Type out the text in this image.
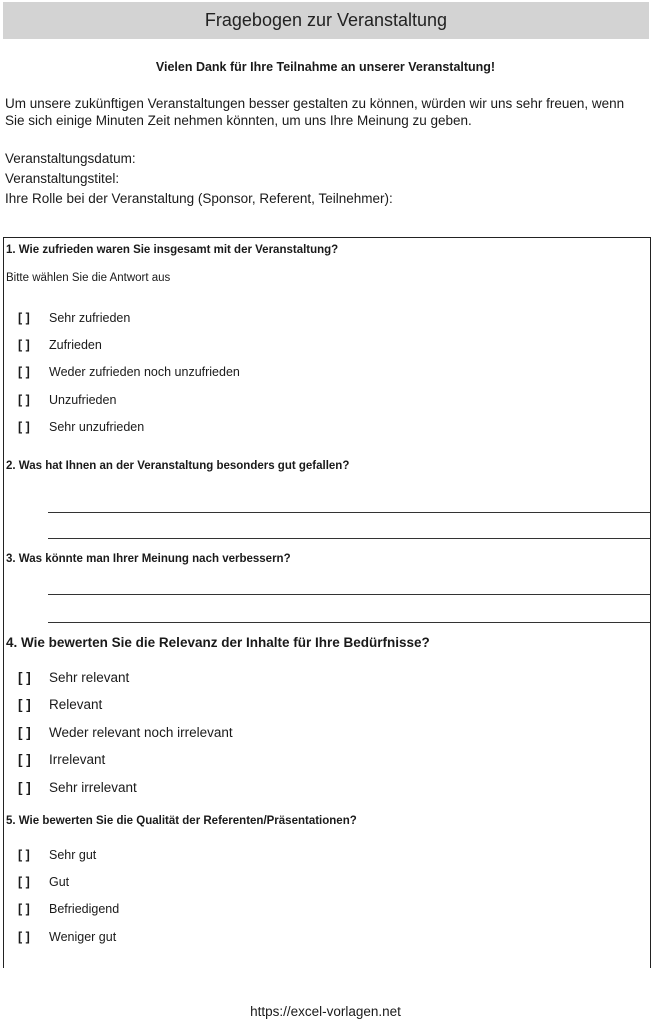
Fragebogen zur Veranstaltung
Vielen Dank für Ihre Teilnahme an unserer Veranstaltung!
Um unsere zukünftigen Veranstaltungen besser gestalten zu können, würden wir uns sehr freuen, wenn Sie sich einige Minuten Zeit nehmen könnten, um uns Ihre Meinung zu geben.
Veranstaltungsdatum:
Veranstaltungstitel:
Ihre Rolle bei der Veranstaltung (Sponsor, Referent, Teilnehmer):
1. Wie zufrieden waren Sie insgesamt mit der Veranstaltung?
Bitte wählen Sie die Antwort aus
[ ]	Sehr zufrieden
[ ]	Zufrieden
[ ]	Weder zufrieden noch unzufrieden
[ ]	Unzufrieden
[ ]	Sehr unzufrieden
2. Was hat Ihnen an der Veranstaltung besonders gut gefallen?
3. Was könnte man Ihrer Meinung nach verbessern?
4. Wie bewerten Sie die Relevanz der Inhalte für Ihre Bedürfnisse?
[ ]	Sehr relevant
[ ]	Relevant
[ ]	Weder relevant noch irrelevant
[ ]	Irrelevant
[ ]	Sehr irrelevant
5. Wie bewerten Sie die Qualität der Referenten/Präsentationen?
[ ]	Sehr gut
[ ]	Gut
[ ]	Befriedigend
[ ]	Weniger gut
https://excel-vorlagen.net
